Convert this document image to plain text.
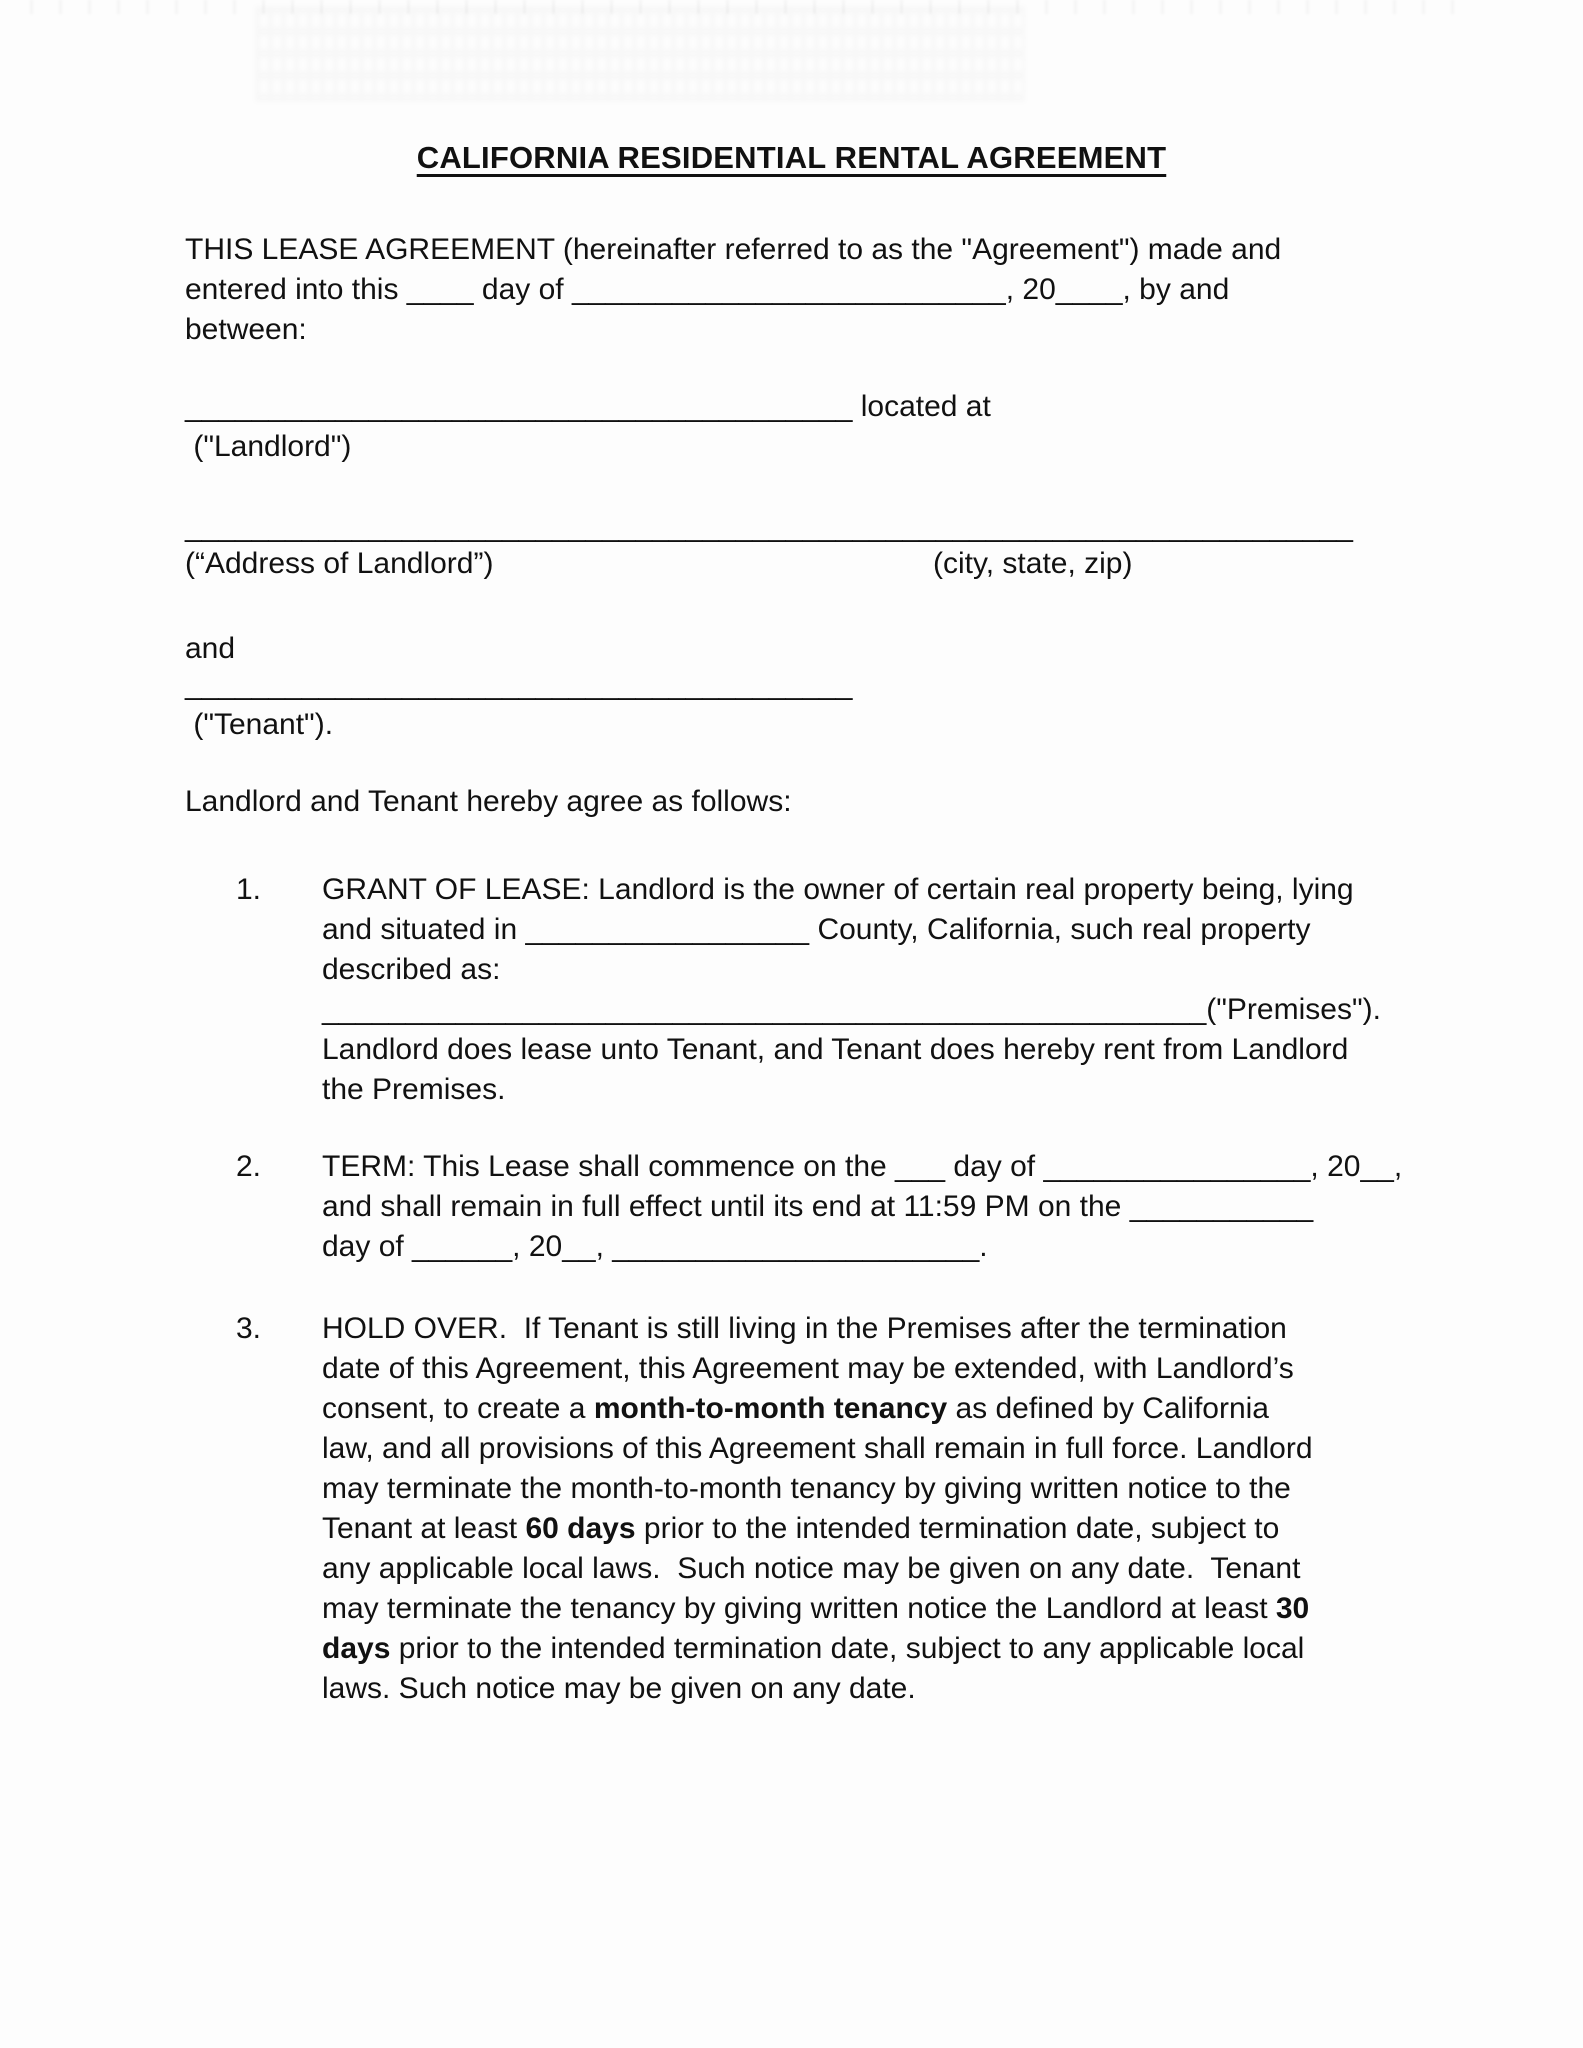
CALIFORNIA RESIDENTIAL RENTAL AGREEMENT
THIS LEASE AGREEMENT (hereinafter referred to as the "Agreement") made and
entered into this ____ day of __________________________, 20____, by and
between:
________________________________________ located at
("Landlord")
______________________________________________________________________
(“Address of Landlord”)	(city, state, zip)
and
________________________________________
("Tenant").
Landlord and Tenant hereby agree as follows:
1.	GRANT OF LEASE: Landlord is the owner of certain real property being, lying
and situated in _________________ County, California, such real property
described as:
_____________________________________________________("Premises").
Landlord does lease unto Tenant, and Tenant does hereby rent from Landlord
the Premises.
2.	TERM: This Lease shall commence on the ___ day of ________________, 20__,
and shall remain in full effect until its end at 11:59 PM on the ___________
day of ______, 20__, ______________________.
3.	HOLD OVER.  If Tenant is still living in the Premises after the termination
date of this Agreement, this Agreement may be extended, with Landlord’s
consent, to create a month-to-month tenancy as defined by California
law, and all provisions of this Agreement shall remain in full force. Landlord
may terminate the month-to-month tenancy by giving written notice to the
Tenant at least 60 days prior to the intended termination date, subject to
any applicable local laws.  Such notice may be given on any date.  Tenant
may terminate the tenancy by giving written notice the Landlord at least 30
days prior to the intended termination date, subject to any applicable local
laws. Such notice may be given on any date.
